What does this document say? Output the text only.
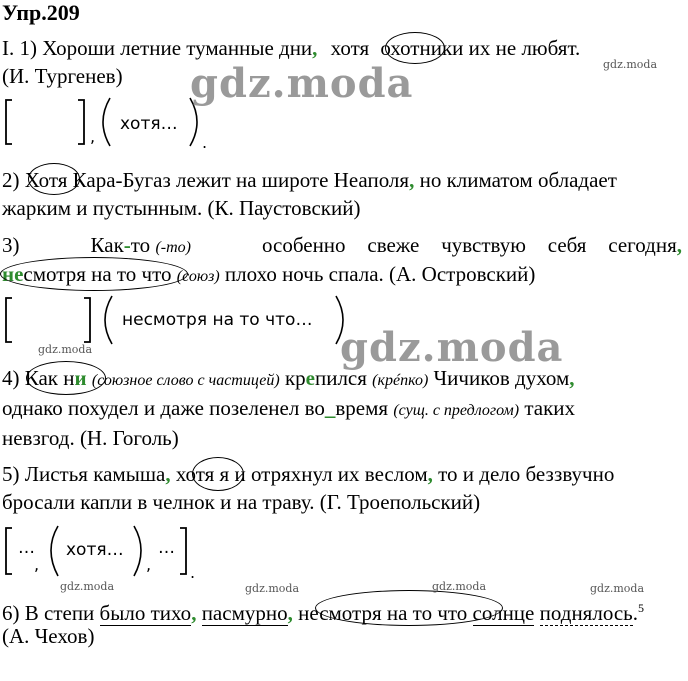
Упр.209
I. 1) Хороши летние туманные дни, хотя охотники их не любят.
(И. Тургенев)
,	.
хотя…
2) Хотя Кара-Бугаз лежит на широте Неаполя, но климатом обладает
жарким и пустынным. (К. Паустовский)
3)	Как-то (-то)	особенно свеже чувствую себя сегодня,
несмотря на то что (союз) плохо ночь спала. (А. Островский)
несмотря на то что…
4) Как ни (союзное слово с частицей) крепился (крéпко) Чичиков духом,
однако похудел и даже позеленел во_время (сущ. с предлогом) таких
невзгод. (Н. Гоголь)
5) Листья камыша, хотя я и отряхнул их веслом, то и дело беззвучно
бросали капли в челнок и на траву. (Г. Троепольский)
,	, .
… хотя… …
6) В степи было тихо, пасмурно, несмотря на то что солнце поднялось.$^5$
(А. Чехов)
gdz.moda
gdz.moda
gdz.moda
gdz.moda
gdz.moda	gdz.moda	gdz.moda	gdz.moda
